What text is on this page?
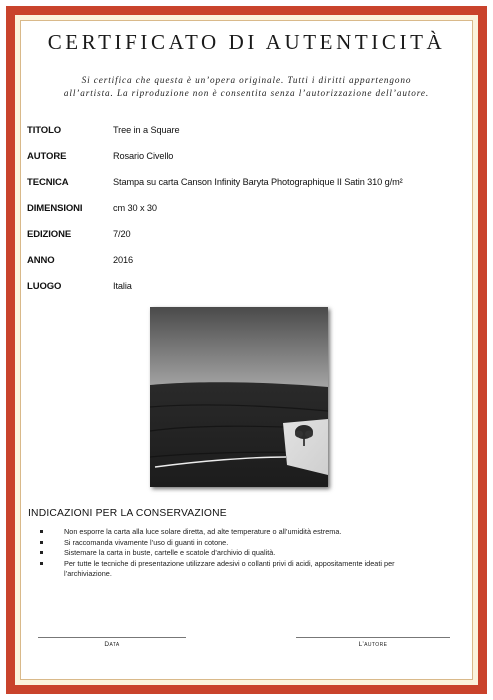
CERTIFICATO DI AUTENTICITÀ
Si certifica che questa è un’opera originale. Tutti i diritti appartengono
all’artista. La riproduzione non è consentita senza l’autorizzazione dell’autore.
TITOLO	Tree in a Square
AUTORE	Rosario Civello
TECNICA	Stampa su carta Canson Infinity Baryta Photographique II Satin 310 g/m²
DIMENSIONI	cm 30 x 30
EDIZIONE	7/20
ANNO	2016
LUOGO	Italia
INDICAZIONI PER LA CONSERVAZIONE
Non esporre la carta alla luce solare diretta, ad alte temperature o all’umidità estrema.
Si raccomanda vivamente l’uso di guanti in cotone.
Sistemare la carta in buste, cartelle e scatole d’archivio di qualità.
Per tutte le tecniche di presentazione utilizzare adesivi o collanti privi di acidi, appositamente ideati per l’archiviazione.
Data	L’autore
